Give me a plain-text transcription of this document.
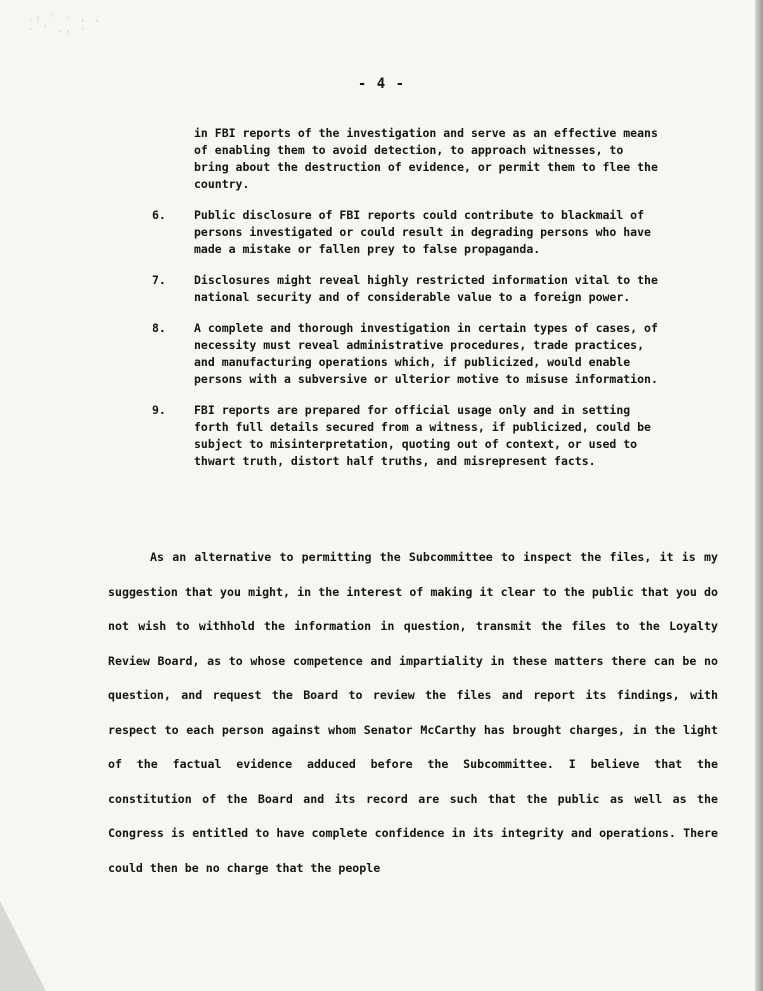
.: ' · , , · ' ., ·
- 4 -

in FBI reports of the investigation and serve as an effective means of enabling them to avoid detection, to approach witnesses, to bring about the destruction of evidence, or permit them to flee the country.

6.	Public disclosure of FBI reports could contribute to blackmail of persons investigated or could result in degrading persons who have made a mistake or fallen prey to false propaganda.

7.	Disclosures might reveal highly restricted information vital to the national security and of considerable value to a foreign power.

8.	A complete and thorough investigation in certain types of cases, of necessity must reveal administrative procedures, trade practices, and manufacturing operations which, if publicized, would enable persons with a subversive or ulterior motive to misuse information.

9.	FBI reports are prepared for official usage only and in setting forth full details secured from a witness, if publicized, could be subject to misinterpretation, quoting out of context, or used to thwart truth, distort half truths, and misrepresent facts.

As an alternative to permitting the Subcommittee to inspect the files, it is my suggestion that you might, in the interest of making it clear to the public that you do not wish to withhold the information in question, transmit the files to the Loyalty Review Board, as to whose competence and impartiality in these matters there can be no question, and request the Board to review the files and report its findings, with respect to each person against whom Senator McCarthy has brought charges, in the light of the factual evidence adduced before the Subcommittee. I believe that the constitution of the Board and its record are such that the public as well as the Congress is entitled to have complete confidence in its integrity and operations. There could then be no charge that the people
